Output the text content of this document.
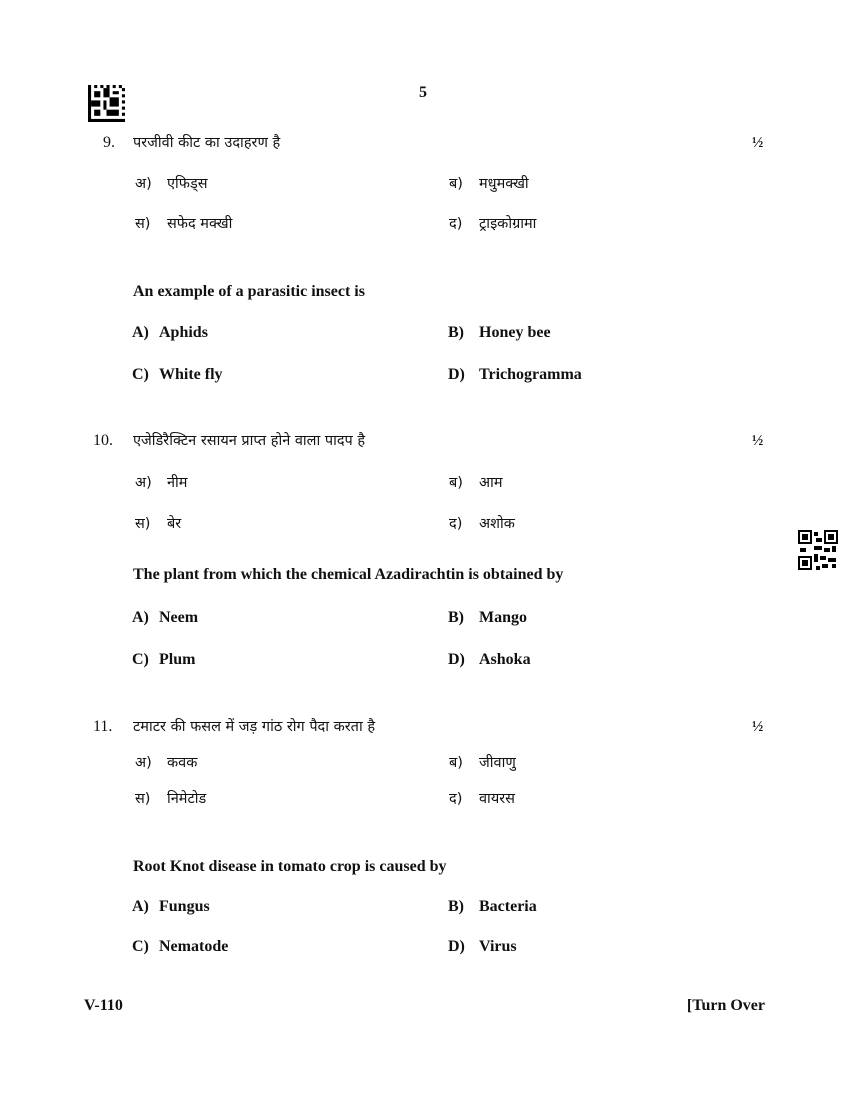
5
9. परजीवी कीट का उदाहरण है	½
अ) एफिड्स	ब) मधुमक्खी
स) सफेद मक्खी	द) ट्राइकोग्रामा
An example of a parasitic insect is
A) Aphids	B) Honey bee
C) White fly	D) Trichogramma
10. एजेडिरैक्टिन रसायन प्राप्त होने वाला पादप है	½
अ) नीम	ब) आम
स) बेर	द) अशोक
The plant from which the chemical Azadirachtin is obtained by
A) Neem	B) Mango
C) Plum	D) Ashoka
11. टमाटर की फसल में जड़ गांठ रोग पैदा करता है	½
अ) कवक	ब) जीवाणु
स) निमेटोड	द) वायरस
Root Knot disease in tomato crop is caused by
A) Fungus	B) Bacteria
C) Nematode	D) Virus
V-110	[Turn Over
